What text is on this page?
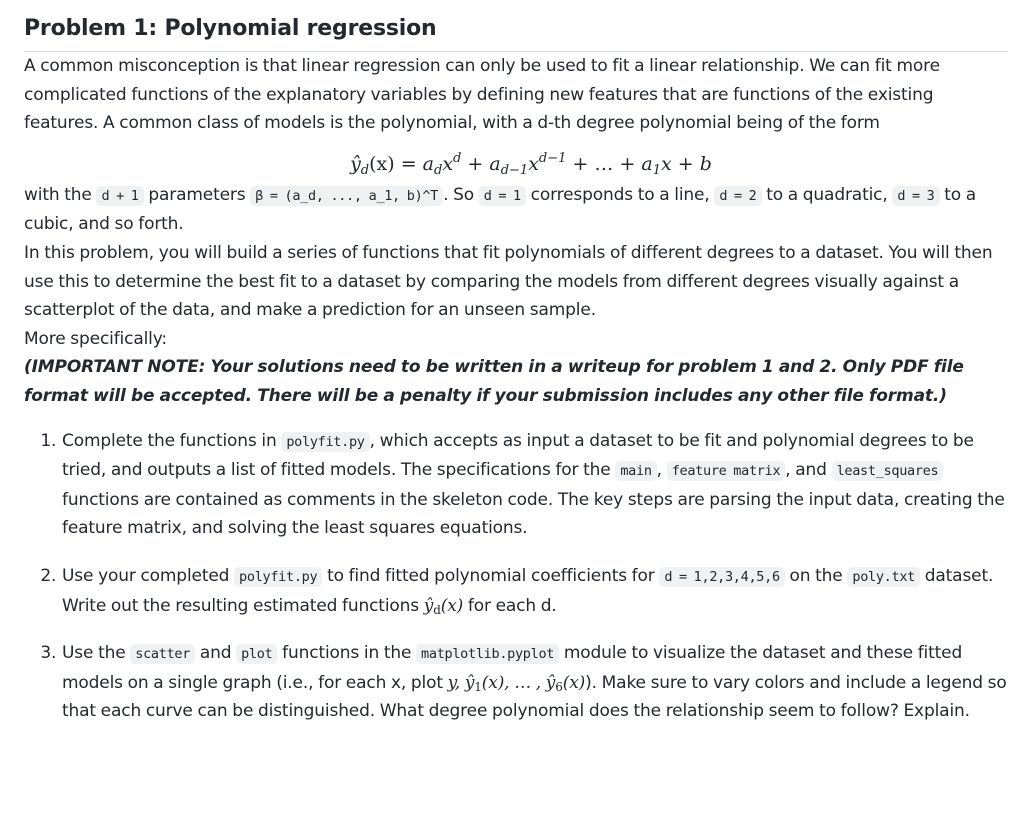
Problem 1: Polynomial regression

A common misconception is that linear regression can only be used to fit a linear relationship. We can fit more complicated functions of the explanatory variables by defining new features that are functions of the existing features. A common class of models is the polynomial, with a d-th degree polynomial being of the form

$ŷ_d(x) = a_dx^d + a_{d-1}x^{d-1}$ + … + $a_1x + b$

with the d + 1 parameters β = (a_d, ..., a_1, b)^T . So d = 1 corresponds to a line, d = 2 to a quadratic, d = 3 to a cubic, and so forth.

In this problem, you will build a series of functions that fit polynomials of different degrees to a dataset. You will then use this to determine the best fit to a dataset by comparing the models from different degrees visually against a scatterplot of the data, and make a prediction for an unseen sample.

More specifically:

(IMPORTANT NOTE: Your solutions need to be written in a writeup for problem 1 and 2. Only PDF file format will be accepted. There will be a penalty if your submission includes any other file format.)

1. Complete the functions in polyfit.py , which accepts as input a dataset to be fit and polynomial degrees to be tried, and outputs a list of fitted models. The specifications for the main , feature matrix , and least_squares functions are contained as comments in the skeleton code. The key steps are parsing the input data, creating the feature matrix, and solving the least squares equations.
2. Use your completed polyfit.py to find fitted polynomial coefficients for d = 1,2,3,4,5,6 on the poly.txt dataset. Write out the resulting estimated functions $ŷ_d(x)$ for each d.
3. Use the scatter and plot functions in the matplotlib.pyplot module to visualize the dataset and these fitted models on a single graph (i.e., for each x, plot y, $ŷ_1(x)$, … , $ŷ_6(x)$). Make sure to vary colors and include a legend so that each curve can be distinguished. What degree polynomial does the relationship seem to follow? Explain.
